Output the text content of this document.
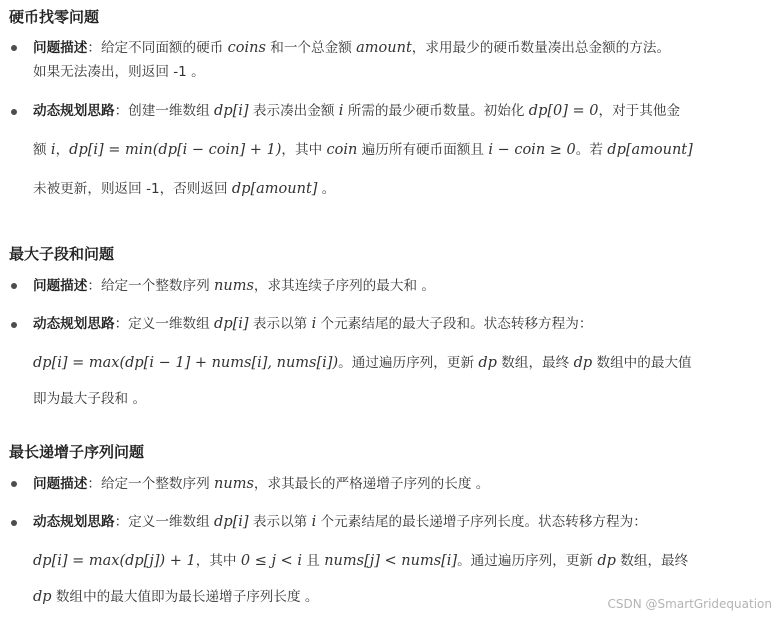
硬币找零问题
问题描述：给定不同面额的硬币 coins 和一个总金额 amount，求用最少的硬币数量凑出总金额的方法。
如果无法凑出，则返回 -1 。
动态规划思路：创建一维数组 dp[i] 表示凑出金额 i 所需的最少硬币数量。初始化 dp[0] = 0，对于其他金
额 i，dp[i] = min(dp[i − coin] + 1)，其中 coin 遍历所有硬币面额且 i − coin ≥ 0。若 dp[amount]
未被更新，则返回 -1，否则返回 dp[amount] 。
最大子段和问题
问题描述：给定一个整数序列 nums，求其连续子序列的最大和 。
动态规划思路：定义一维数组 dp[i] 表示以第 i 个元素结尾的最大子段和。状态转移方程为：
dp[i] = max(dp[i − 1] + nums[i], nums[i])。通过遍历序列，更新 dp 数组，最终 dp 数组中的最大值
即为最大子段和 。
最长递增子序列问题
问题描述：给定一个整数序列 nums，求其最长的严格递增子序列的长度 。
动态规划思路：定义一维数组 dp[i] 表示以第 i 个元素结尾的最长递增子序列长度。状态转移方程为：
dp[i] = max(dp[j]) + 1，其中 0 ≤ j < i 且 nums[j] < nums[i]。通过遍历序列，更新 dp 数组，最终
dp 数组中的最大值即为最长递增子序列长度 。	CSDN @SmartGridequation
